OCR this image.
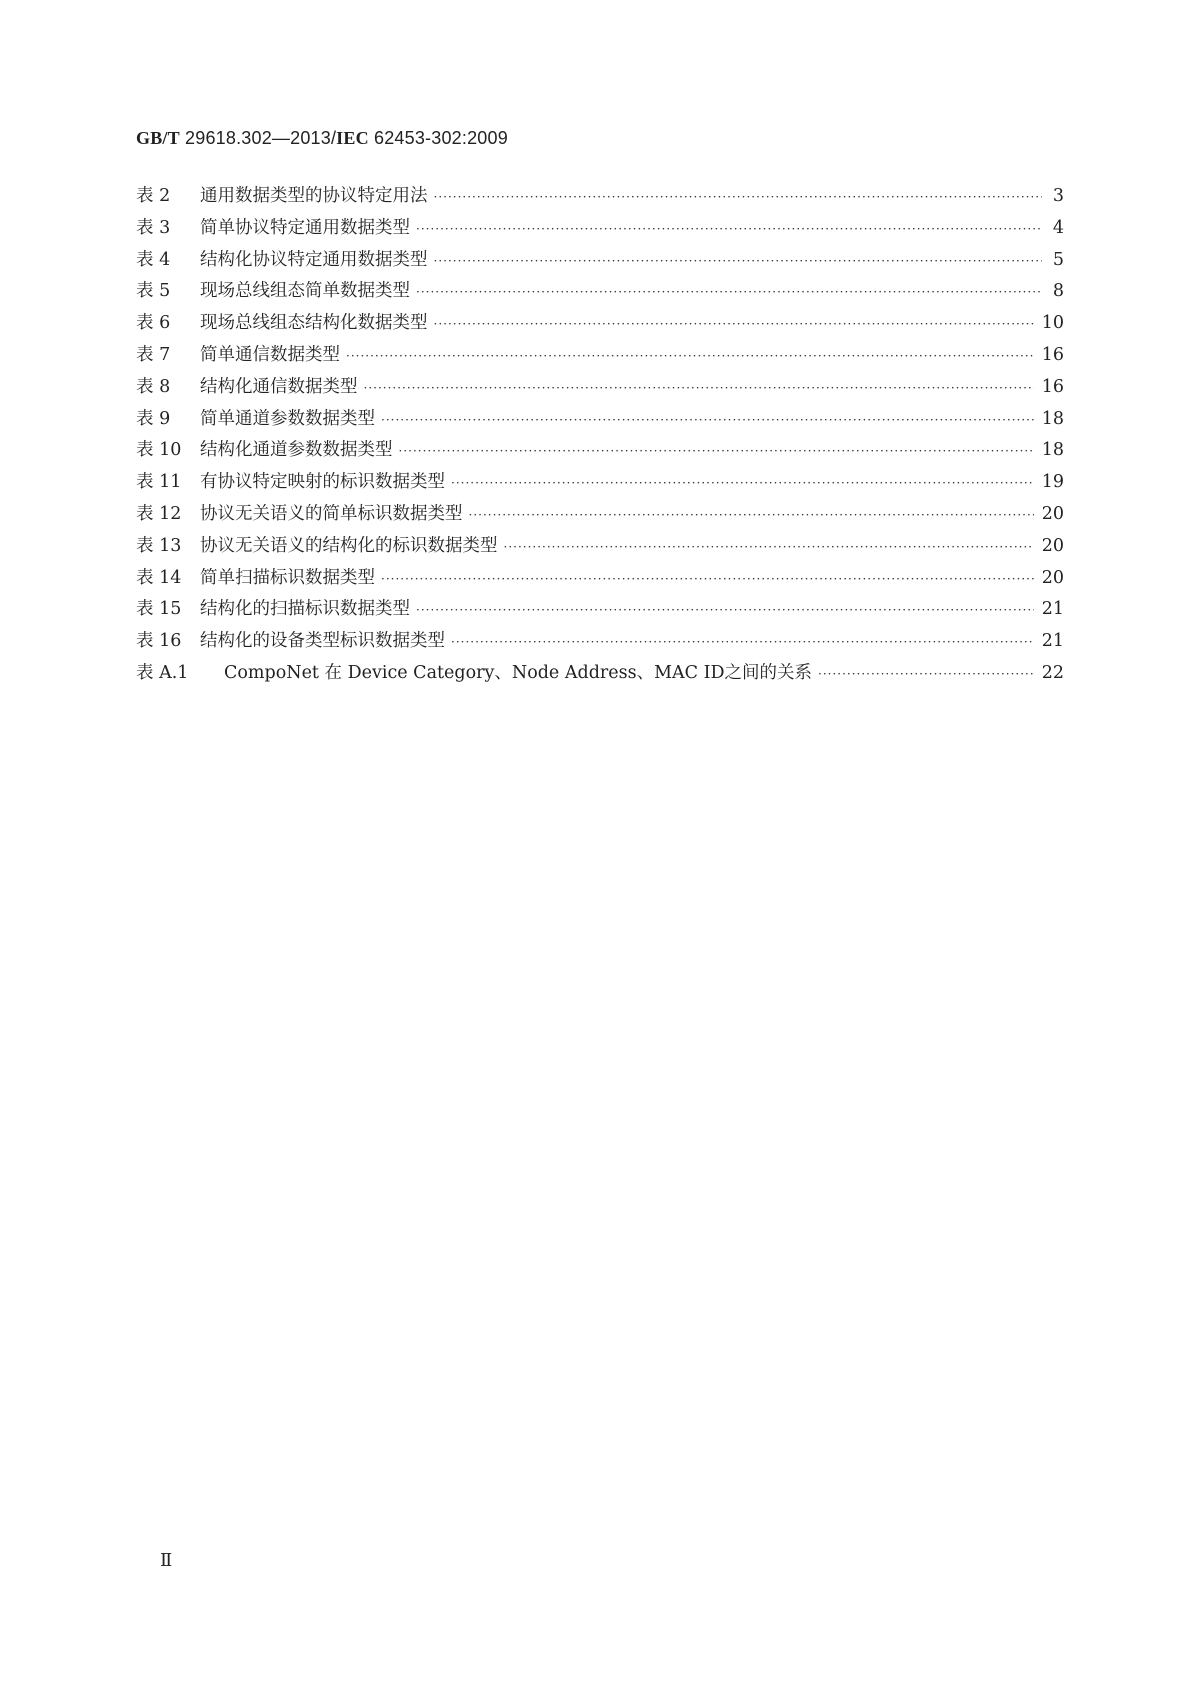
GB/T 29618.302—2013/IEC 62453-302:2009
表 2	通用数据类型的协议特定用法 ·····	3
表 3	简单协议特定通用数据类型 ·····	4
表 4	结构化协议特定通用数据类型 ·····	5
表 5	现场总线组态简单数据类型 ·····	8
表 6	现场总线组态结构化数据类型 ·····	10
表 7	简单通信数据类型 ·····	16
表 8	结构化通信数据类型 ·····	16
表 9	简单通道参数数据类型 ·····	18
表 10	结构化通道参数数据类型 ·····	18
表 11	有协议特定映射的标识数据类型 ·····	19
表 12	协议无关语义的简单标识数据类型 ·····	20
表 13	协议无关语义的结构化的标识数据类型 ·····	20
表 14	简单扫描标识数据类型 ·····	20
表 15	结构化的扫描标识数据类型 ·····	21
表 16	结构化的设备类型标识数据类型 ·····	21
表 A.1	CompoNet 在 Device Category、Node Address、MAC ID之间的关系 ·····	22
Ⅱ
